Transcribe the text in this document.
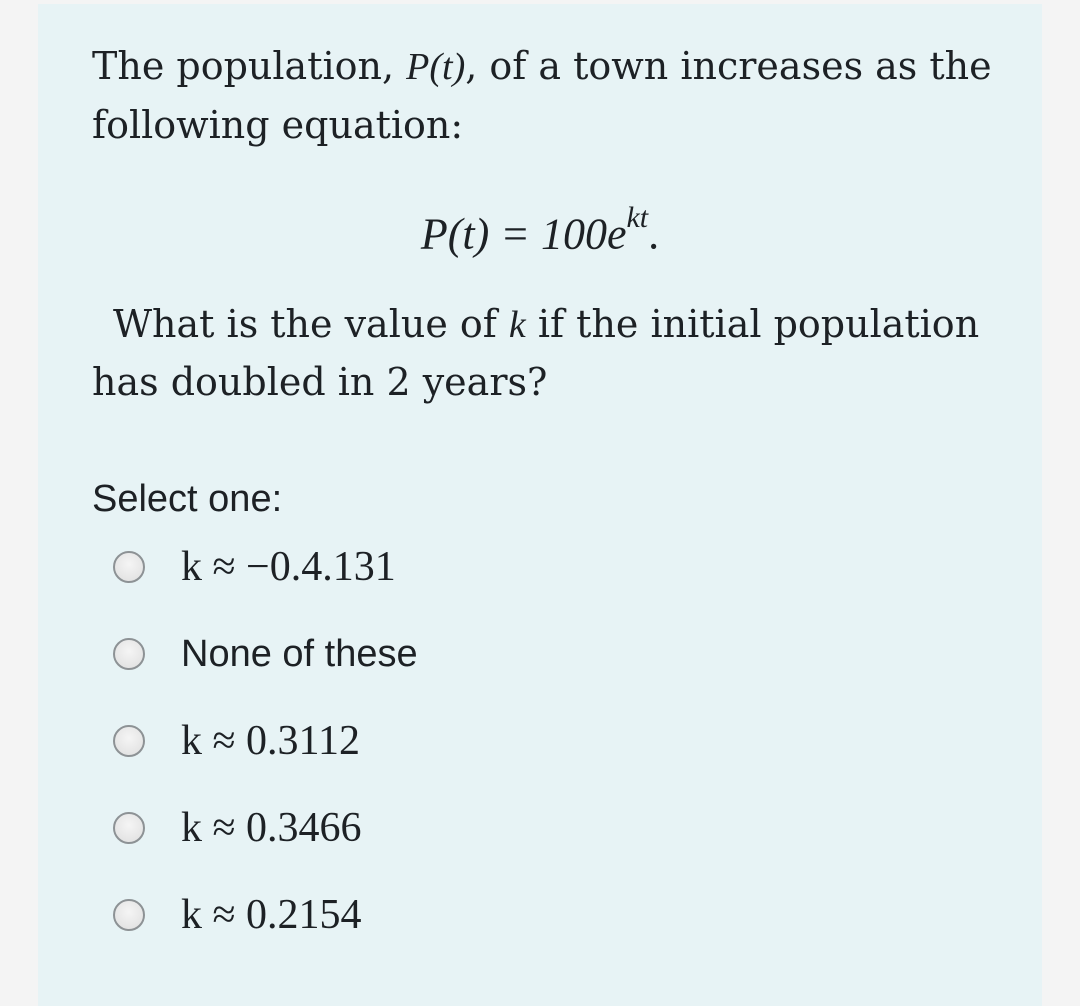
The population, P(t), of a town increases as the
following equation:
$P(t) = 100e^{kt}$.
What is the value of k if the initial population
has doubled in 2 years?
Select one:
k ≈ −0.4.131
None of these
k ≈ 0.3112
k ≈ 0.3466
k ≈ 0.2154
